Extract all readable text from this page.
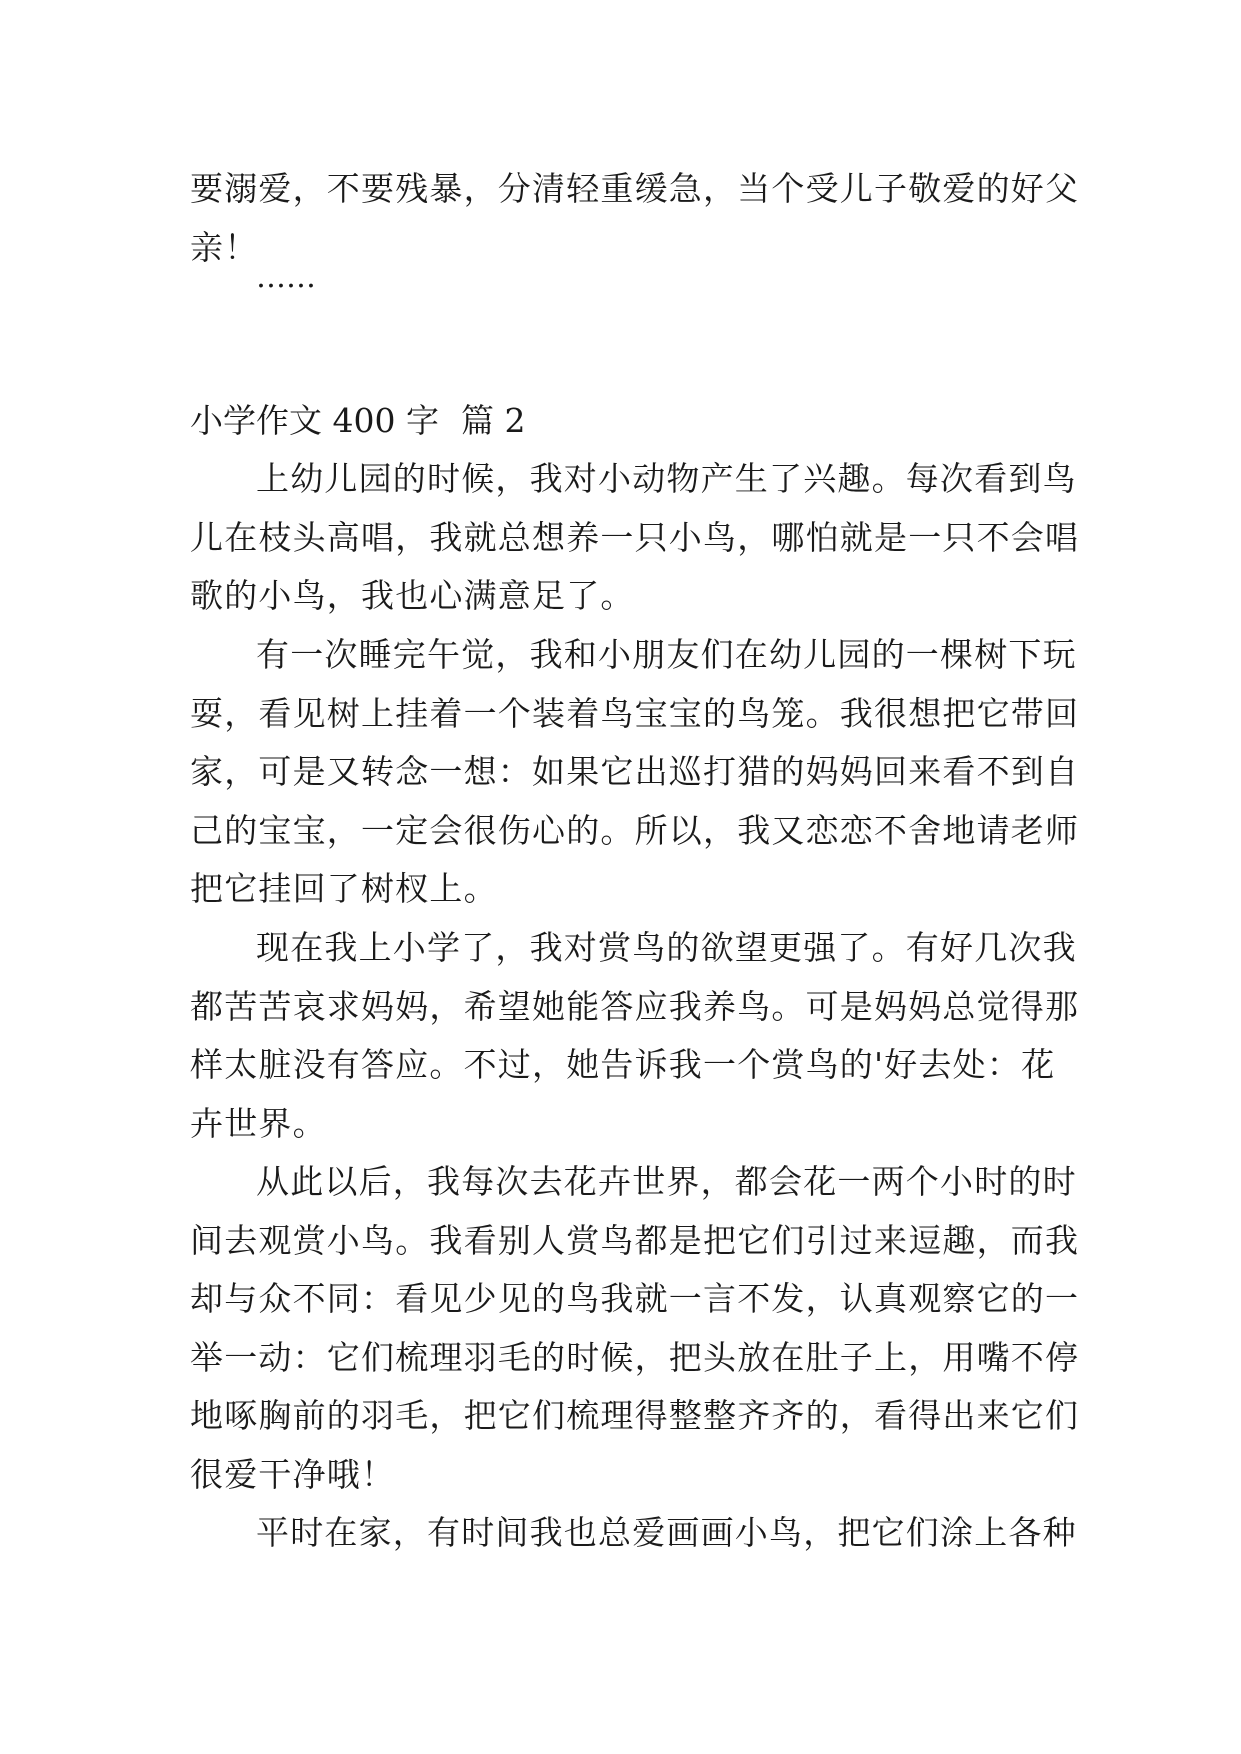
要溺爱，不要残暴，分清轻重缓急，当个受儿子敬爱的好父
亲！
……
小学作文 400 字 篇 2
上幼儿园的时候，我对小动物产生了兴趣。每次看到鸟
儿在枝头高唱，我就总想养一只小鸟，哪怕就是一只不会唱
歌的小鸟，我也心满意足了。
有一次睡完午觉，我和小朋友们在幼儿园的一棵树下玩
耍，看见树上挂着一个装着鸟宝宝的鸟笼。我很想把它带回
家，可是又转念一想：如果它出巡打猎的妈妈回来看不到自
己的宝宝，一定会很伤心的。所以，我又恋恋不舍地请老师
把它挂回了树杈上。
现在我上小学了，我对赏鸟的欲望更强了。有好几次我
都苦苦哀求妈妈，希望她能答应我养鸟。可是妈妈总觉得那
样太脏没有答应。不过，她告诉我一个赏鸟的'好去处：花
卉世界。
从此以后，我每次去花卉世界，都会花一两个小时的时
间去观赏小鸟。我看别人赏鸟都是把它们引过来逗趣，而我
却与众不同：看见少见的鸟我就一言不发，认真观察它的一
举一动：它们梳理羽毛的时候，把头放在肚子上，用嘴不停
地啄胸前的羽毛，把它们梳理得整整齐齐的，看得出来它们
很爱干净哦！
平时在家，有时间我也总爱画画小鸟，把它们涂上各种
